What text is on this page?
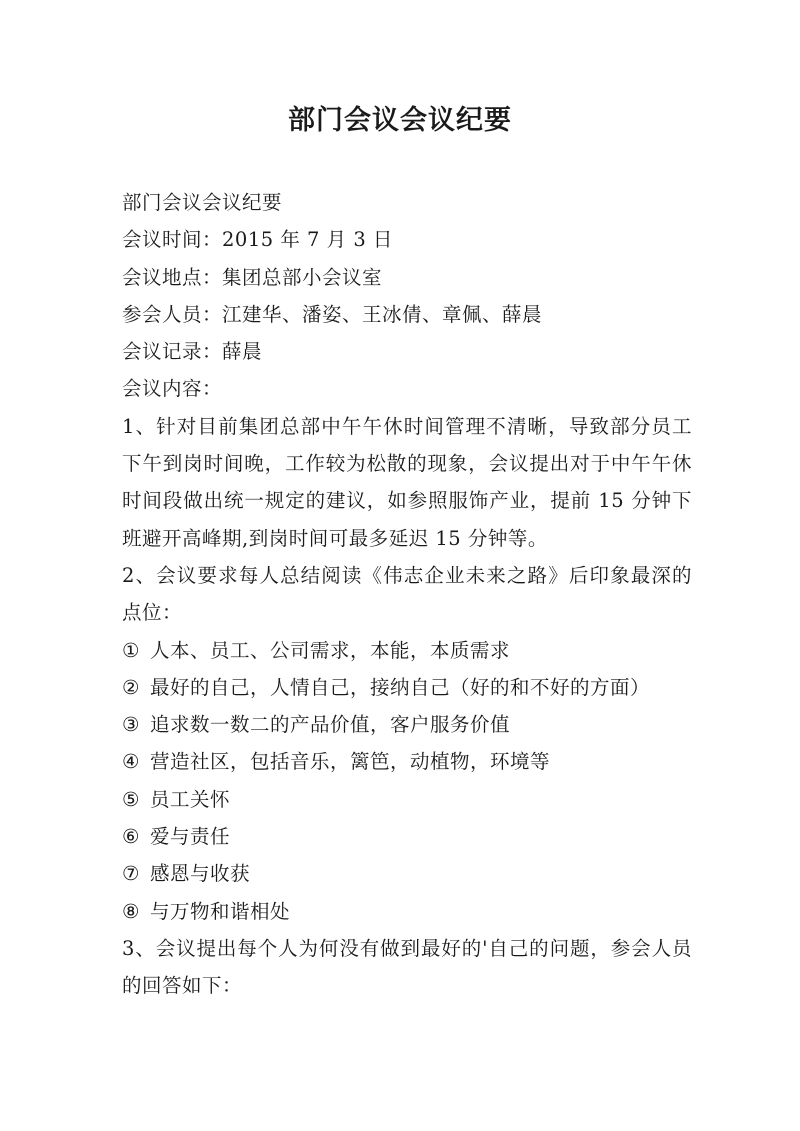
部门会议会议纪要

部门会议会议纪要

会议时间：2015 年 7 月 3 日

会议地点：集团总部小会议室

参会人员：江建华、潘姿、王冰倩、章佩、薛晨

会议记录：薛晨

会议内容：

1、针对目前集团总部中午午休时间管理不清晰，导致部分员工下午到岗时间晚，工作较为松散的现象，会议提出对于中午午休时间段做出统一规定的建议，如参照服饰产业，提前 15 分钟下班避开高峰期,到岗时间可最多延迟 15 分钟等。

2、会议要求每人总结阅读《伟志企业未来之路》后印象最深的点位：

① 人本、员工、公司需求，本能，本质需求
② 最好的自己，人情自己，接纳自己（好的和不好的方面）
③ 追求数一数二的产品价值，客户服务价值
④ 营造社区，包括音乐，篱笆，动植物，环境等
⑤ 员工关怀
⑥ 爱与责任
⑦ 感恩与收获
⑧ 与万物和谐相处

3、会议提出每个人为何没有做到最好的'自己的问题，参会人员的回答如下：
